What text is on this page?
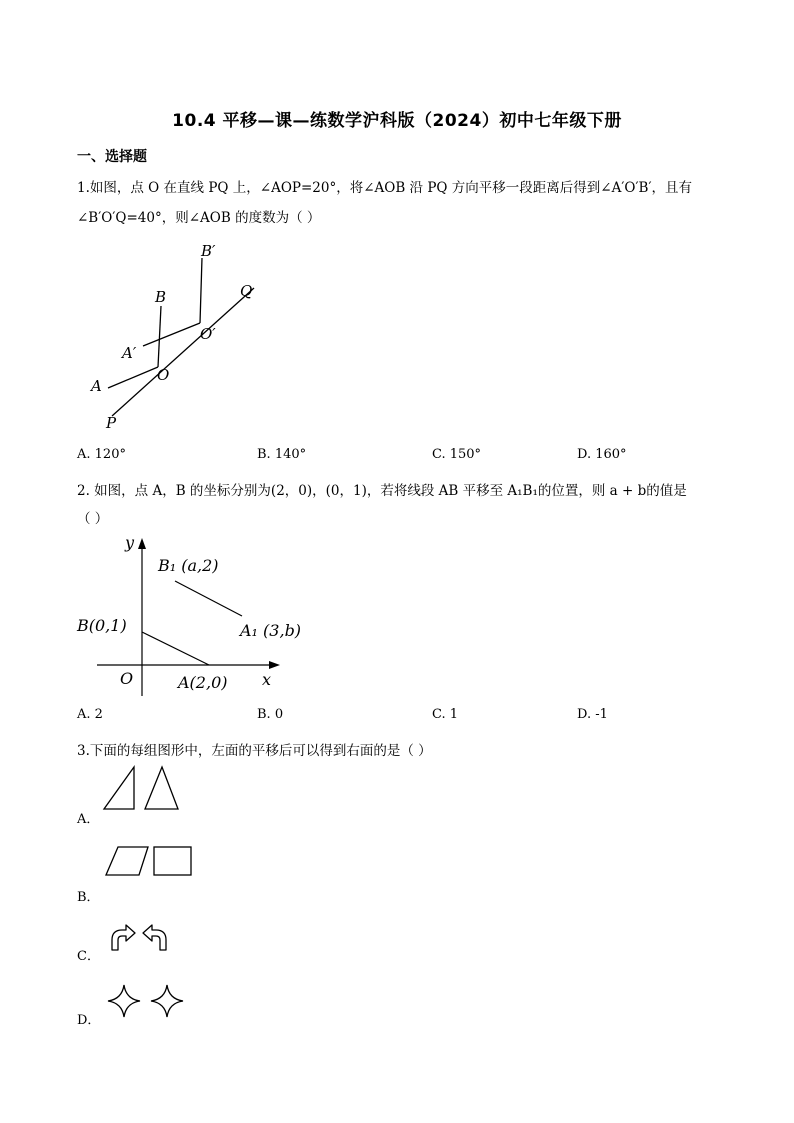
10.4 平移—课—练数学沪科版（2024）初中七年级下册
一、选择题
1.如图，点 O 在直线 PQ 上，∠AOP=20°，将∠AOB 沿 PQ 方向平移一段距离后得到∠A′O′B′，且有
∠B′O′Q=40°，则∠AOB 的度数为（ ）
B′
Q
B
O′
A′
O
A
P
A. 120°	B. 140°	C. 150°	D. 160°
2. 如图，点 A，B 的坐标分别为(2，0)，(0，1)，若将线段 AB 平移至 A₁B₁的位置，则 a + b的值是
（ ）
y
x
O
B₁ (a,2)
A₁ (3,b)
B(0,1)
A(2,0)
A. 2	B. 0	C. 1	D. -1
3.下面的每组图形中，左面的平移后可以得到右面的是（ ）
A．
B．
C．
D．
